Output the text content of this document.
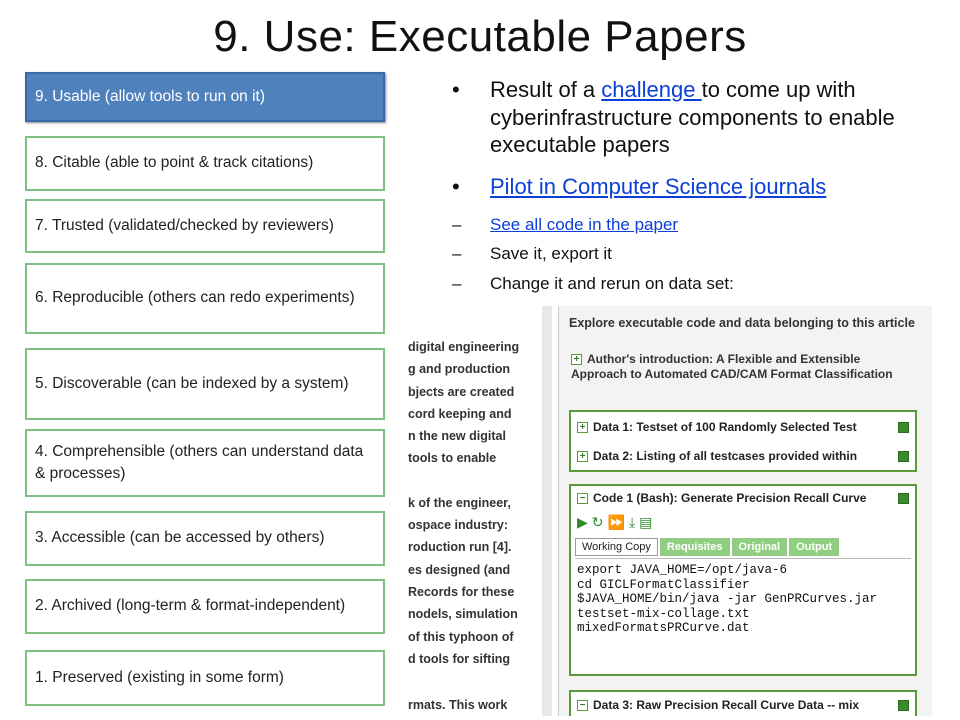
9. Use: Executable Papers
9. Usable (allow tools to run on it)
8. Citable (able to point & track citations)
7. Trusted (validated/checked by reviewers)
6. Reproducible (others can redo experiments)
5. Discoverable (can be indexed by a system)
4. Comprehensible (others can understand data & processes)
3. Accessible (can be accessed by others)
2. Archived (long-term & format-independent)
1. Preserved (existing in some form)
• Result of a challenge to come up with cyberinfrastructure components to enable executable papers
• Pilot in Computer Science journals
– See all code in the paper
– Save it, export it
– Change it and rerun on data set:
digital engineering
g and production
bjects are created
cord keeping and
n the new digital
tools to enable
k of the engineer,
ospace industry:
roduction run [4].
es designed (and
Records for these
nodels, simulation
of this typhoon of
d tools for sifting
rmats. This work
Explore executable code and data belonging to this article
+ Author's introduction: A Flexible and Extensible Approach to Automated CAD/CAM Format Classification
+ Data 1: Testset of 100 Randomly Selected Test
+ Data 2: Listing of all testcases provided within
− Code 1 (Bash): Generate Precision Recall Curve
▶↻⏩⤓▤
Working Copy	Requisites	Original	Output
export JAVA_HOME=/opt/java-6
cd GICLFormatClassifier
$JAVA_HOME/bin/java -jar GenPRCurves.jar
testset-mix-collage.txt
mixedFormatsPRCurve.dat
− Data 3: Raw Precision Recall Curve Data -- mix
